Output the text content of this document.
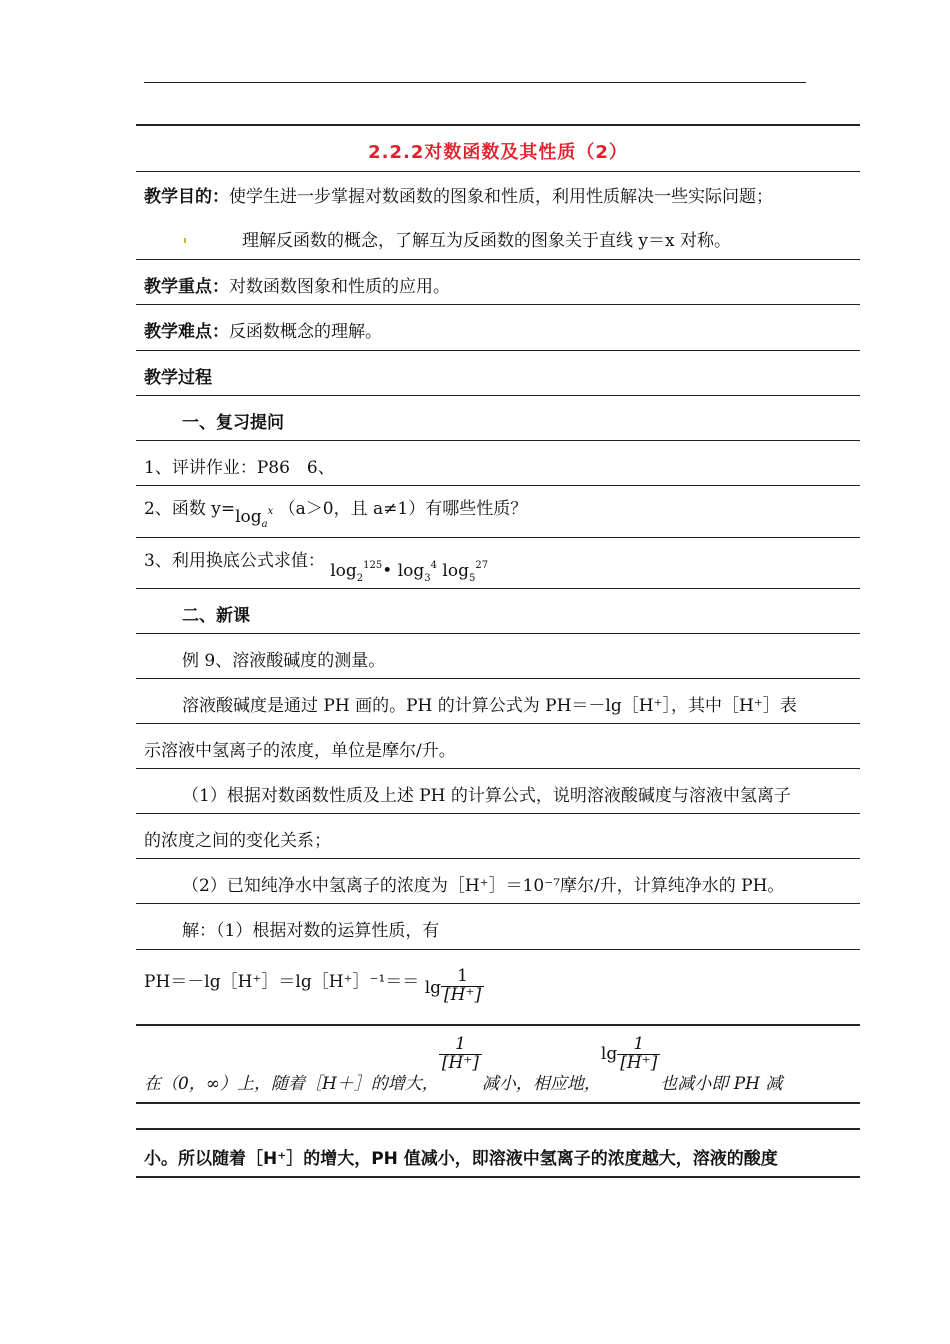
2.2.2对数函数及其性质（2）
教学目的：使学生进一步掌握对数函数的图象和性质，利用性质解决一些实际问题；
理解反函数的概念，了解互为反函数的图象关于直线 y＝x 对称。
教学重点：对数函数图象和性质的应用。
教学难点：反函数概念的理解。
教学过程
一、复习提问
1、评讲作业：P86　6、
2、函数 $y=\log_a^x$ （a＞0，且 a≠1）有哪些性质？
3、利用换底公式求值： $\log_2^{125}•$ $\log_3^4 \log_5^{27}$
二、新课
例 9、溶液酸碱度的测量。
溶液酸碱度是通过 PH 画的。PH 的计算公式为 PH＝－lg［H⁺］，其中［H⁺］表
示溶液中氢离子的浓度，单位是摩尔/升。
（1）根据对数函数性质及上述 PH 的计算公式，说明溶液酸碱度与溶液中氢离子
的浓度之间的变化关系；
（2）已知纯净水中氢离子的浓度为［H⁺］＝10⁻⁷摩尔/升，计算纯净水的 PH。
解：（1）根据对数的运算性质，有
PH＝－lg［H⁺］＝lg［H⁺］⁻¹＝＝ $\lg \frac{1}{[H^+]}$
在（0，∞）上，随着［H＋］的增大，
$\frac{1}{[H^+]}$
减小，相应地，$\lg \frac{1}{[H^+]}$
也减小即 PH 减
小。所以随着［H⁺］的增大，PH 值减小，即溶液中氢离子的浓度越大，溶液的酸度
